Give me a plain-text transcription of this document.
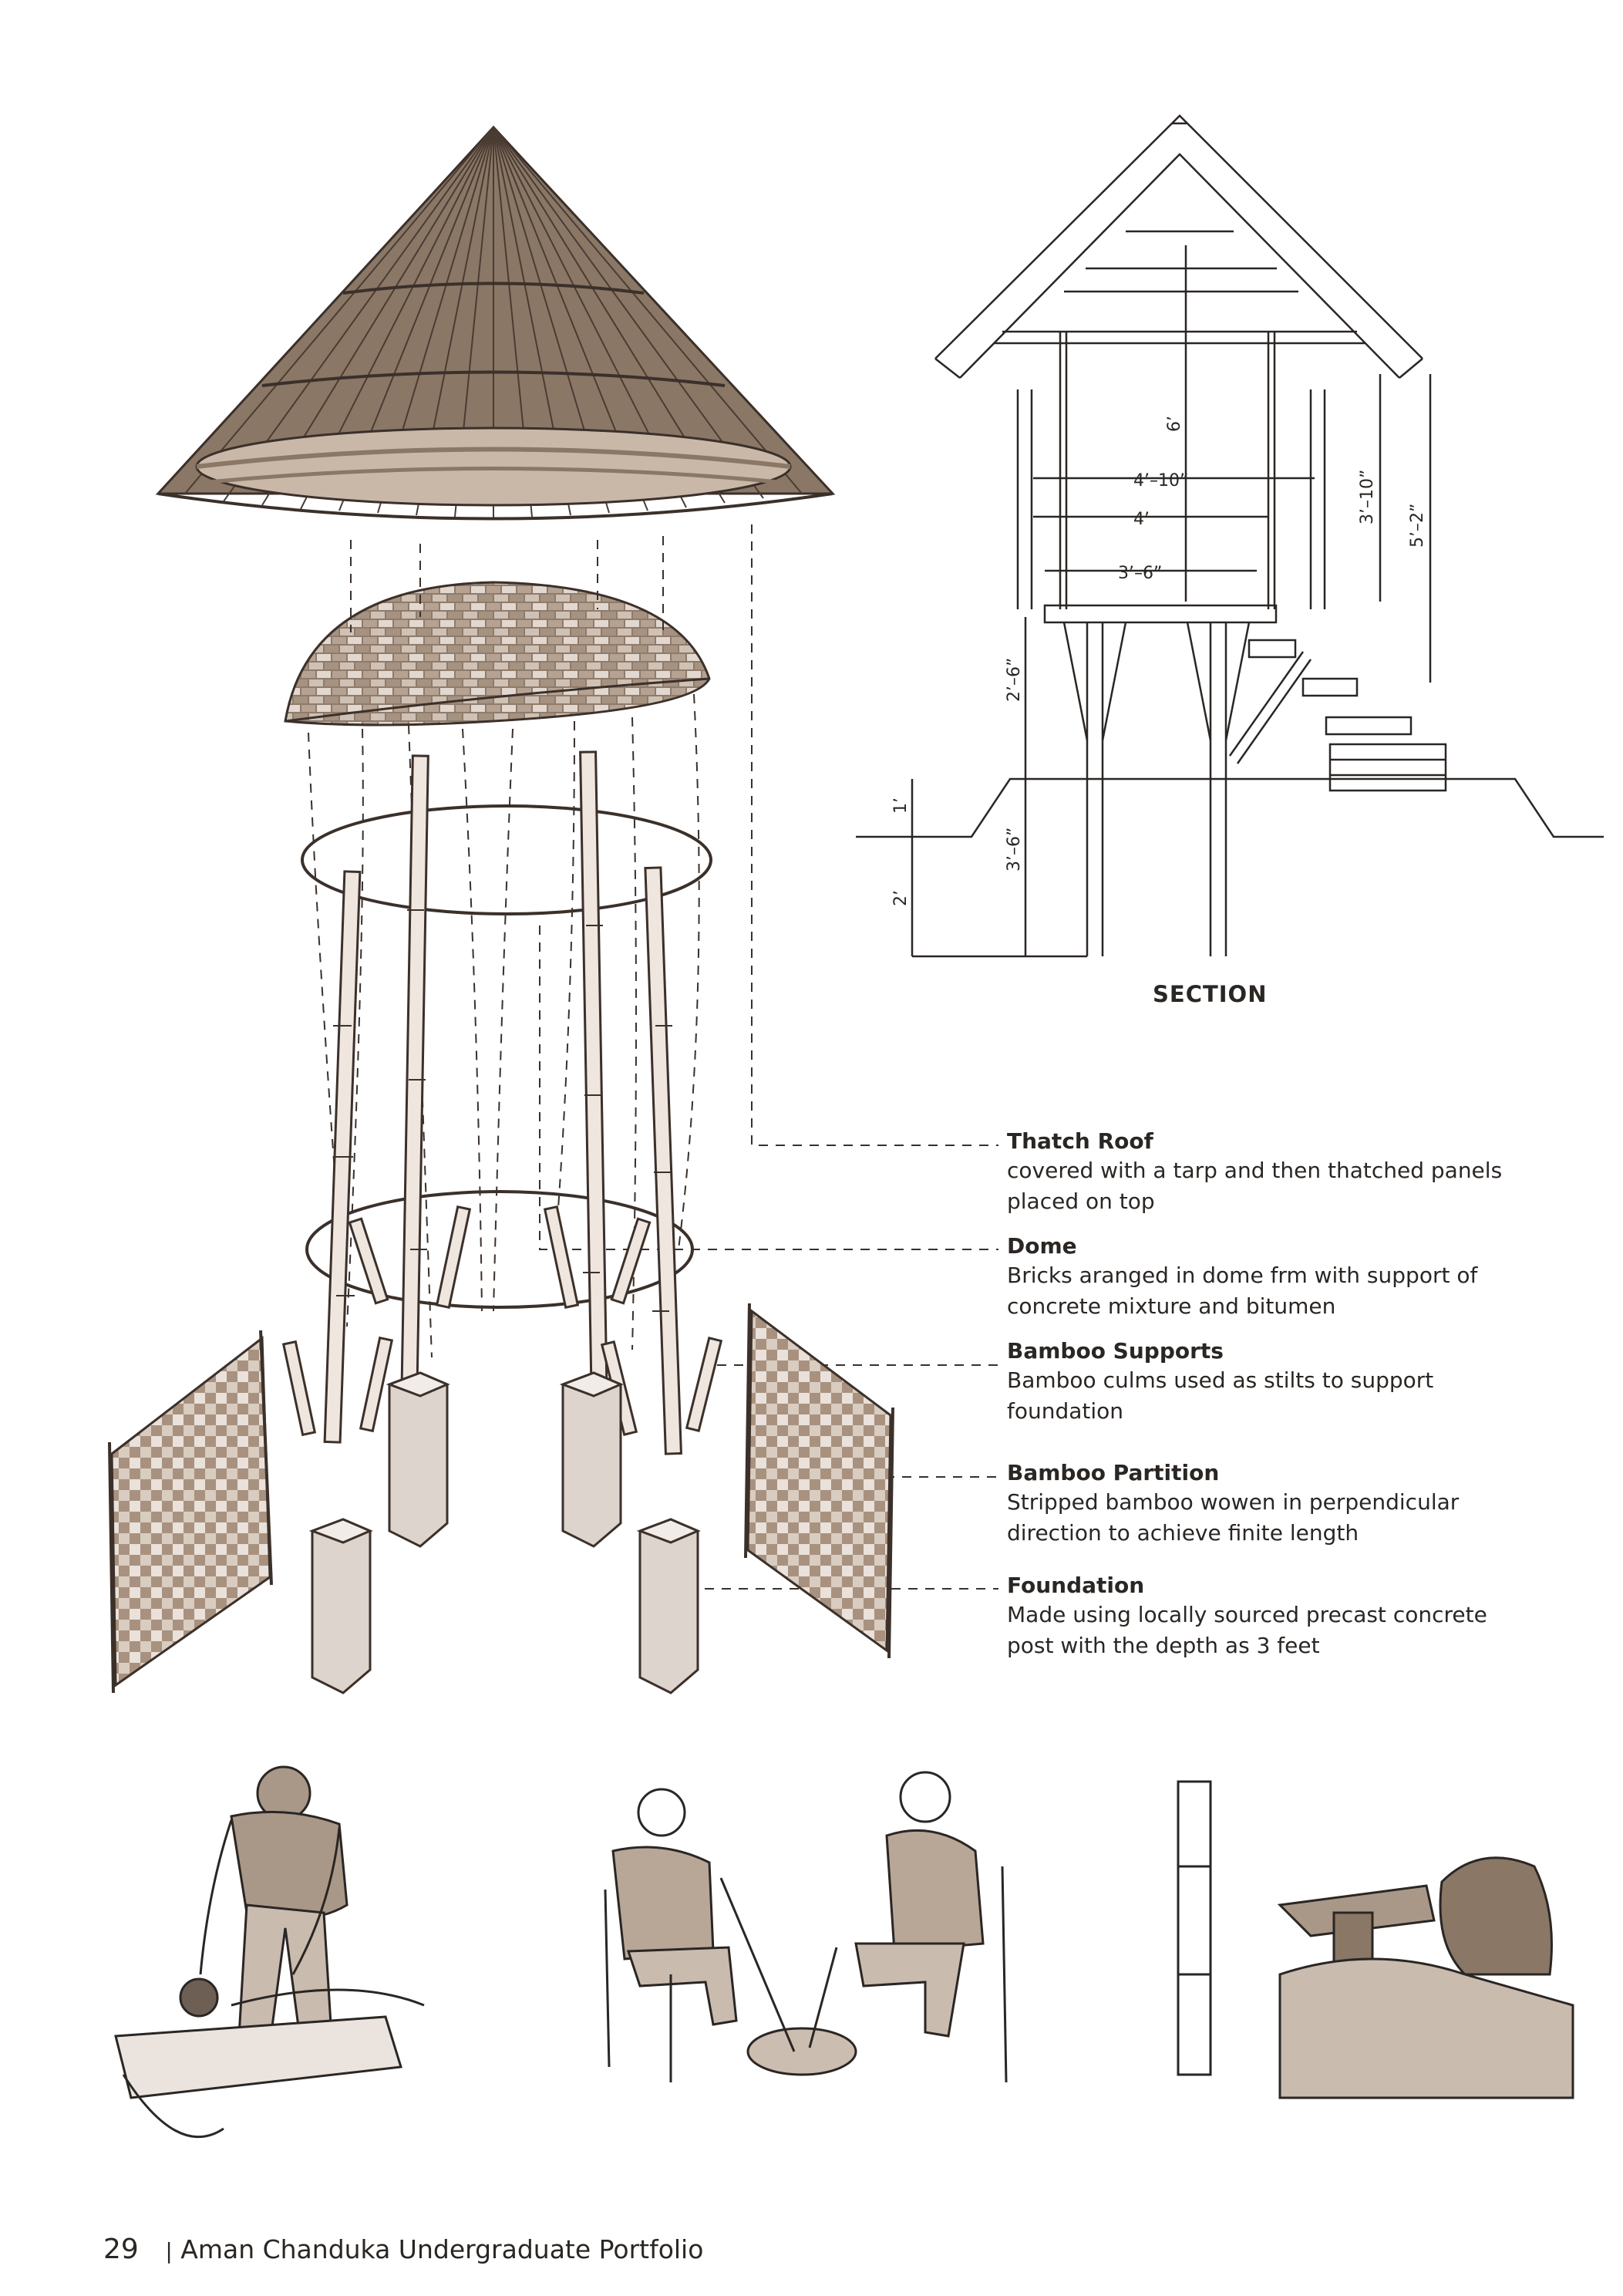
4’–10”
4’
3’–6”
6’
3’–10”
5’–2”
2’–6”
1’
3’–6”
2’
SECTION
Thatch Roof
covered with a tarp and then thatched panels
placed on top
Dome
Bricks aranged in dome frm with support of
concrete mixture and bitumen
Bamboo Supports
Bamboo culms used as stilts to support
foundation
Bamboo Partition
Stripped bamboo wowen in perpendicular
direction to achieve finite length
Foundation
Made using locally sourced precast concrete
post with the depth as 3 feet
29 | Aman Chanduka Undergraduate Portfolio
